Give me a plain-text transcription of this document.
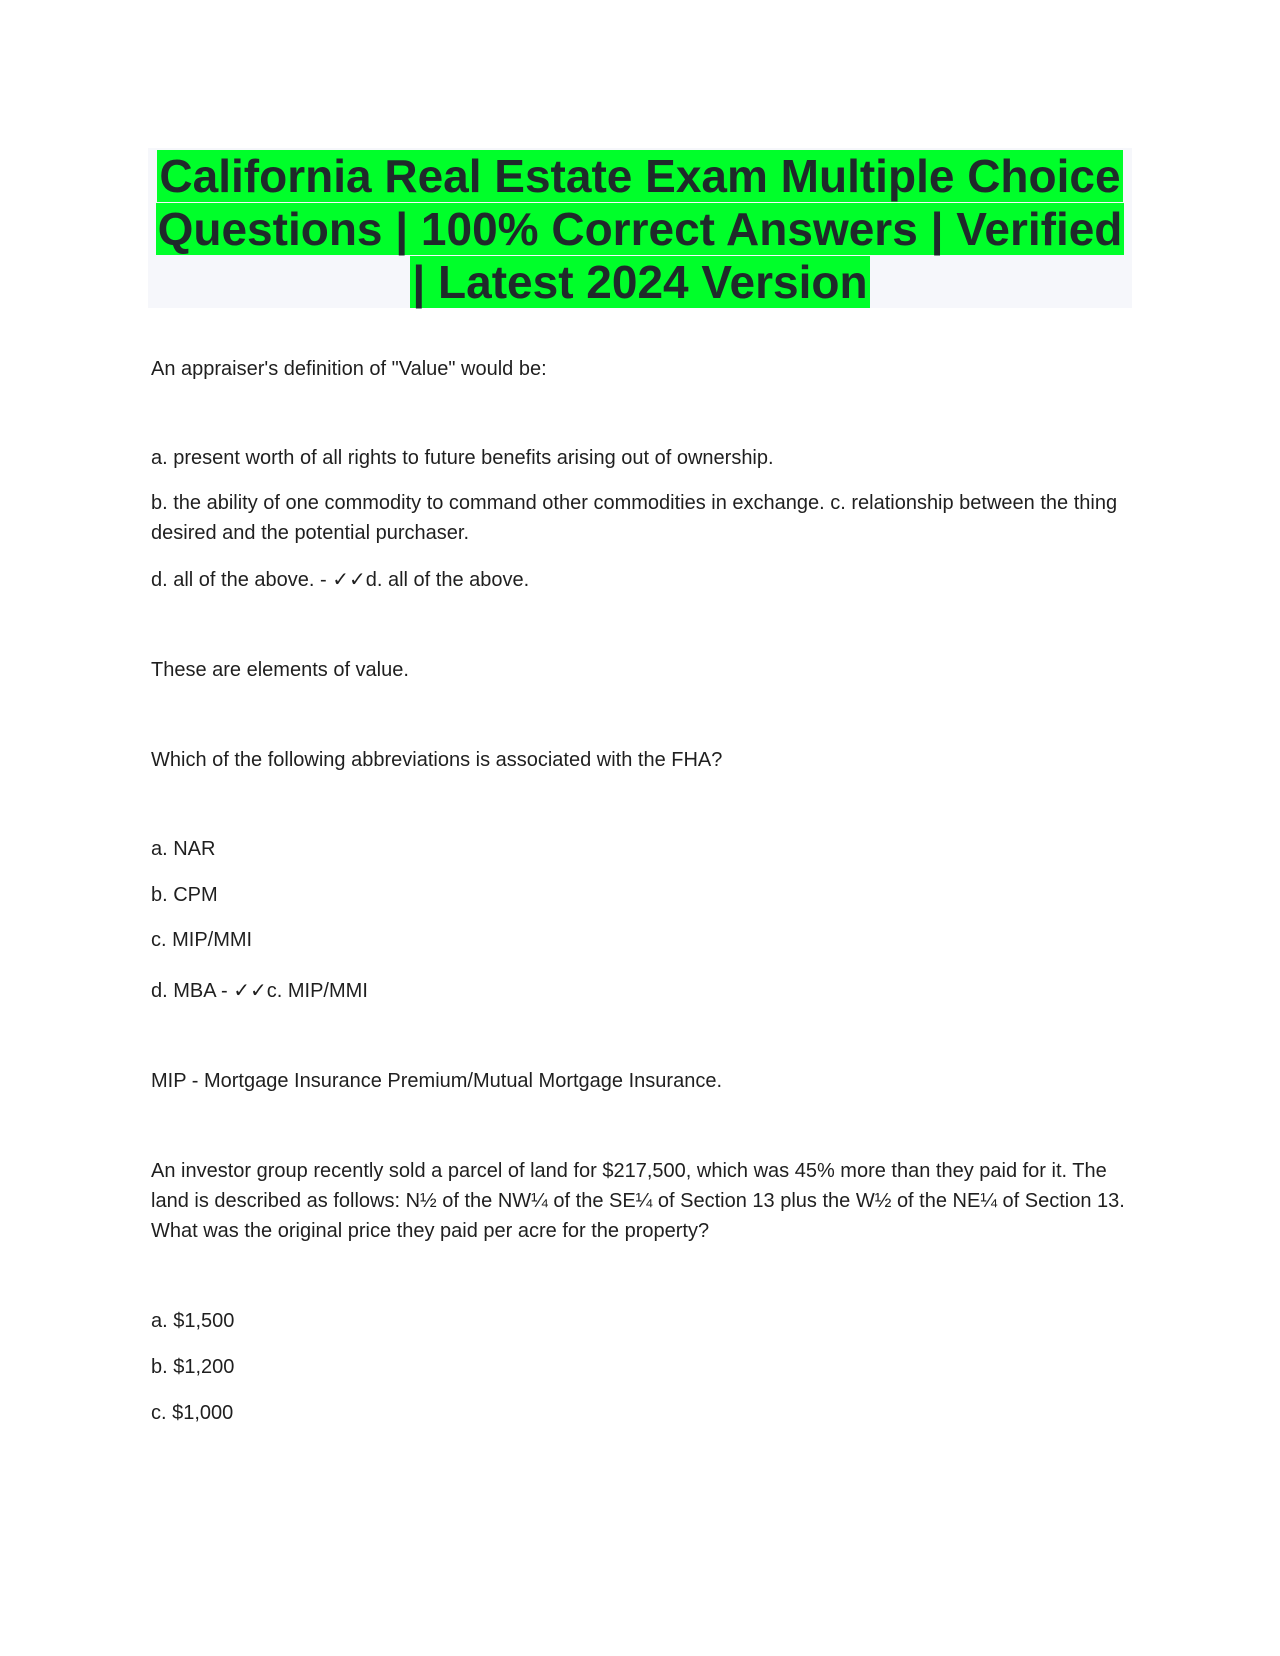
California Real Estate Exam Multiple Choice Questions | 100% Correct Answers | Verified | Latest 2024 Version

An appraiser's definition of "Value" would be:

a. present worth of all rights to future benefits arising out of ownership.

b. the ability of one commodity to command other commodities in exchange. c. relationship between the thing desired and the potential purchaser.

d. all of the above. - ✓✓d. all of the above.

These are elements of value.

Which of the following abbreviations is associated with the FHA?

a. NAR

b. CPM

c. MIP/MMI

d. MBA - ✓✓c. MIP/MMI

MIP - Mortgage Insurance Premium/Mutual Mortgage Insurance.

An investor group recently sold a parcel of land for $217,500, which was 45% more than they paid for it. The land is described as follows: N½ of the NW¼ of the SE¼ of Section 13 plus the W½ of the NE¼ of Section 13. What was the original price they paid per acre for the property?

a. $1,500

b. $1,200

c. $1,000
